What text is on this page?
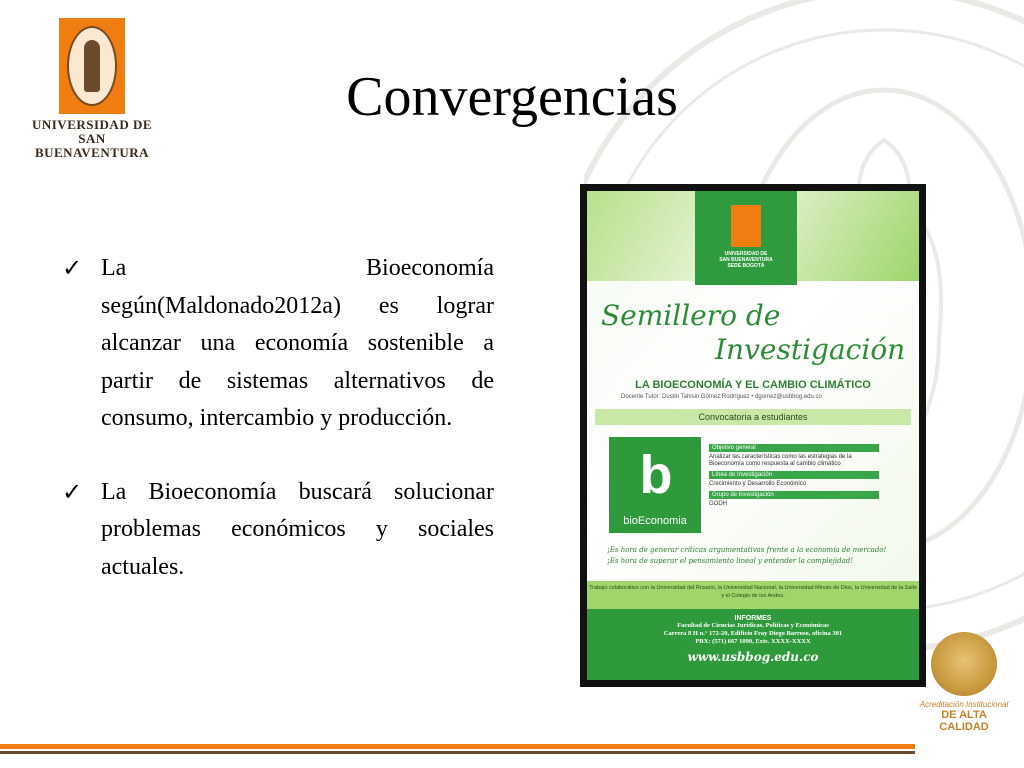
UNIVERSIDAD DE
SAN BUENAVENTURA
Convergencias
✓ La Bioeconomía según(Maldonado2012a) es lograr alcanzar una economía sostenible a partir de sistemas alternativos de consumo, intercambio y producción.
✓ La Bioeconomía buscará solucionar problemas económicos y sociales actuales.
UNIVERSIDAD DE
SAN BUENAVENTURA
SEDE BOGOTÁ
Semillero de
Investigación
LA BIOECONOMÍA Y EL CAMBIO CLIMÁTICO
Docente Tutor: Dustin Tahisin Gómez Rodríguez • dgomez@usbbog.edu.co
Convocatoria a estudiantes
b
bioEconomia
Objetivo general
Analizar las características como las estrategias de la Bioeconomía como respuesta al cambio climático
Línea de Investigación
Crecimiento y Desarrollo Económico
Grupo de Investigación
GODH
¡Es hora de generar críticas argumentativas frente a la economía de mercado!
¡Es hora de superar el pensamiento lineal y entender la complejidad!
Trabajo colaborativo con la Universidad del Rosario, la Universidad Nacional, la Universidad Minuto de Dios, la Universidad de la Salle y el Colegio de los Andes.
INFORMES
Facultad de Ciencias Jurídicas, Políticas y Económicas
Carrera 8 H n.° 172-20, Edificio Fray Diego Barroso, oficina 301
PBX: (571) 667 1090, Exts. XXXX-XXXX
www.usbbog.edu.co
Acreditación Institucional
DE ALTA CALIDAD
